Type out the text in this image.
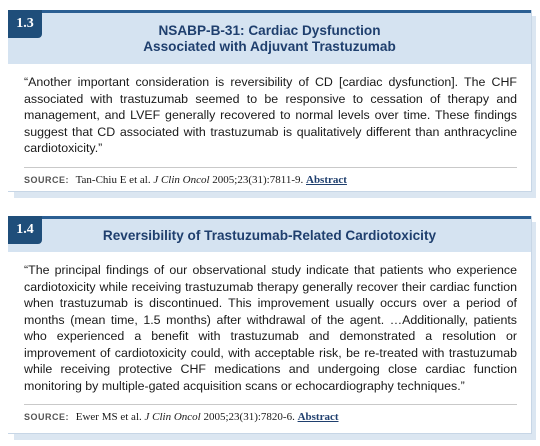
1.3	NSABP-B-31: Cardiac Dysfunction
Associated with Adjuvant Trastuzumab

“Another important consideration is reversibility of CD [cardiac dysfunction]. The CHF associated with trastuzumab seemed to be responsive to cessation of therapy and management, and LVEF generally recovered to normal levels over time. These findings suggest that CD associated with trastuzumab is qualitatively different than anthracycline cardiotoxicity.”

SOURCE: Tan-Chiu E et al. J Clin Oncol 2005;23(31):7811-9. Abstract
1.4	Reversibility of Trastuzumab-Related Cardiotoxicity

“The principal findings of our observational study indicate that patients who experience cardiotoxicity while receiving trastuzumab therapy generally recover their cardiac function when trastuzumab is discontinued. This improvement usually occurs over a period of months (mean time, 1.5 months) after withdrawal of the agent. …Additionally, patients who experienced a benefit with trastuzumab and demonstrated a resolution or improvement of cardiotoxicity could, with acceptable risk, be re-treated with trastuzumab while receiving protective CHF medications and undergoing close cardiac function monitoring by multiple-gated acquisition scans or echocardiography techniques.”

SOURCE: Ewer MS et al. J Clin Oncol 2005;23(31):7820-6. Abstract
